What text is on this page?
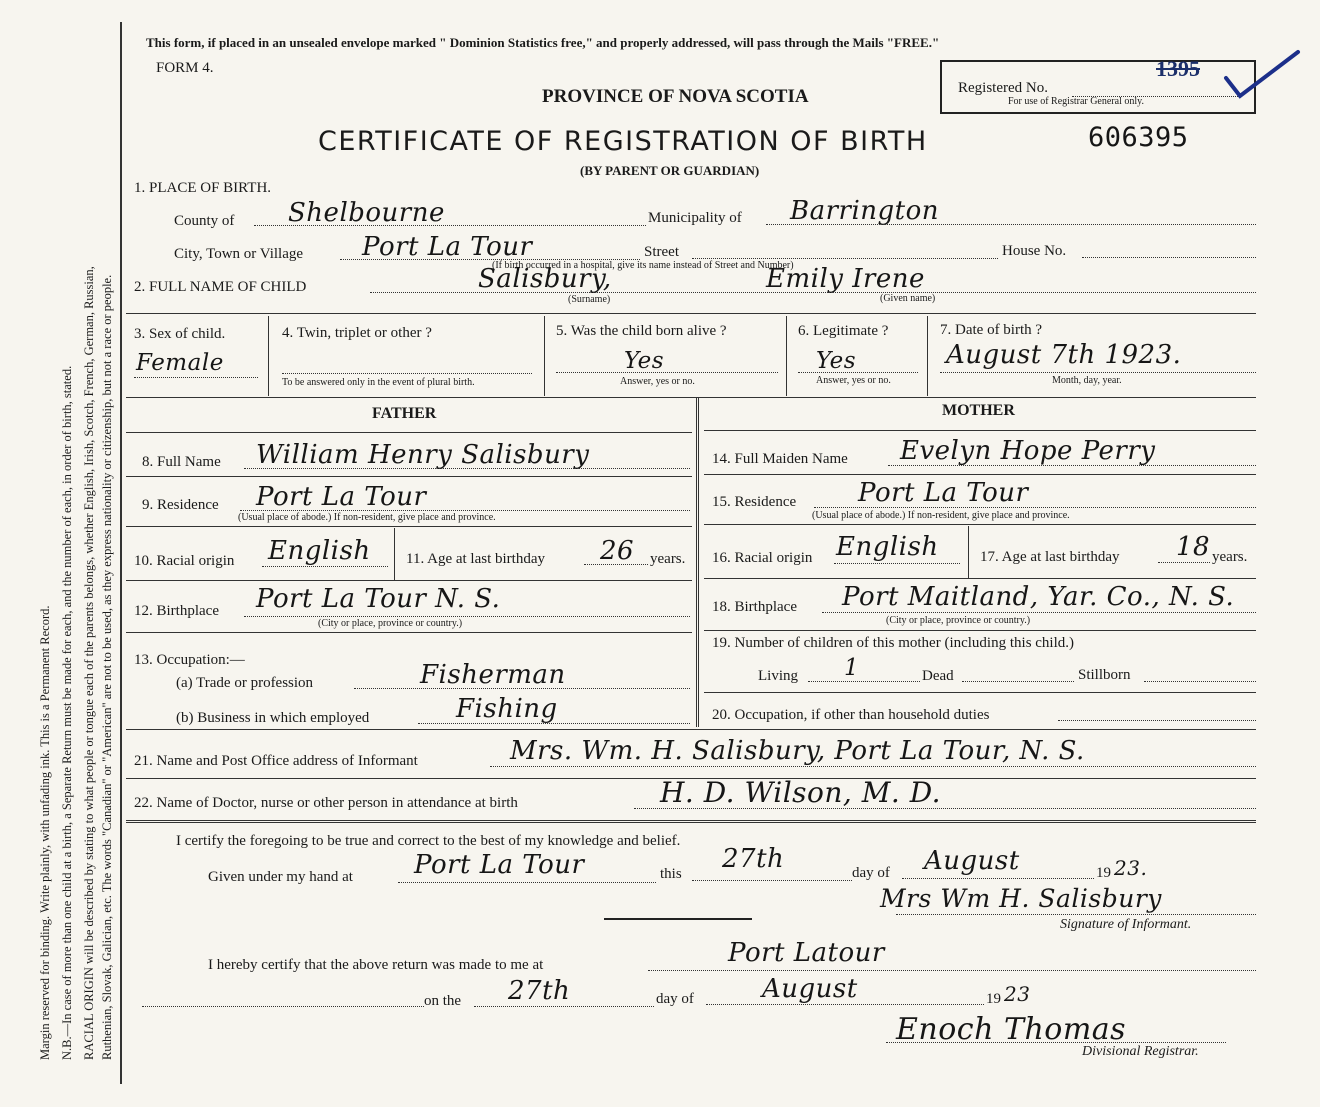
Margin reserved for binding. Write plainly, with unfading ink. This is a Permanent Record. N.B.—In case of more than one child at a birth, a Separate Return must be made for each, and the number of each, in order of birth, stated. RACIAL ORIGIN will be described by stating to what people or tongue each of the parents belongs, whether English, Irish, Scotch, French, German, Russian, Ruthenian, Slovak, Galician, etc. The words "Canadian" or "American" are not to be used, as they express nationality or citizenship, but not a race or people.
This form, if placed in an unsealed envelope marked " Dominion Statistics free," and properly addressed, will pass through the Mails "FREE."
FORM 4.
PROVINCE OF NOVA SCOTIA
CERTIFICATE OF REGISTRATION OF BIRTH	606395
(BY PARENT OR GUARDIAN)
Registered No.
1395
For use of Registrar General only.
1. PLACE OF BIRTH.
County of Shelbourne	Municipality of Barrington
City, Town or Village Port La Tour	Street	House No.
(If birth occurred in a hospital, give its name instead of Street and Number)
2. FULL NAME OF CHILD	Salisbury,	Emily Irene
(Surname)	(Given name)
3. Sex of child.
Female
4. Twin, triplet or other ?
To be answered only in the event of plural birth.
5. Was the child born alive ?
Yes
Answer, yes or no.
6. Legitimate ?
Yes
Answer, yes or no.
7. Date of birth ?
August 7th 1923.
Month, day, year.
FATHER	MOTHER
8. Full Name William Henry Salisbury
9. Residence Port La Tour
(Usual place of abode.) If non-resident, give place and province.
10. Racial origin English 11. Age at last birthday 26 years.
12. Birthplace Port La Tour N. S.
(City or place, province or country.)
13. Occupation:—
(a) Trade or profession	Fisherman
(b) Business in which employed	Fishing
14. Full Maiden Name Evelyn Hope Perry
15. Residence Port La Tour
(Usual place of abode.) If non-resident, give place and province.
16. Racial origin English	17. Age at last birthday 18 years.
18. Birthplace Port Maitland, Yar. Co., N. S.
(City or place, province or country.)
19. Number of children of this mother (including this child.)
Living 1	Dead	Stillborn
20. Occupation, if other than household duties
21. Name and Post Office address of Informant	Mrs. Wm. H. Salisbury, Port La Tour, N. S.
22. Name of Doctor, nurse or other person in attendance at birth	H. D. Wilson, M. D.
I certify the foregoing to be true and correct to the best of my knowledge and belief.
Given under my hand at Port La Tour	this 27th	day of August	19 23.
Mrs Wm H. Salisbury
Signature of Informant.
I hereby certify that the above return was made to me at	Port Latour
on the 27th	day of	August	19 23
Enoch Thomas
Divisional Registrar.
